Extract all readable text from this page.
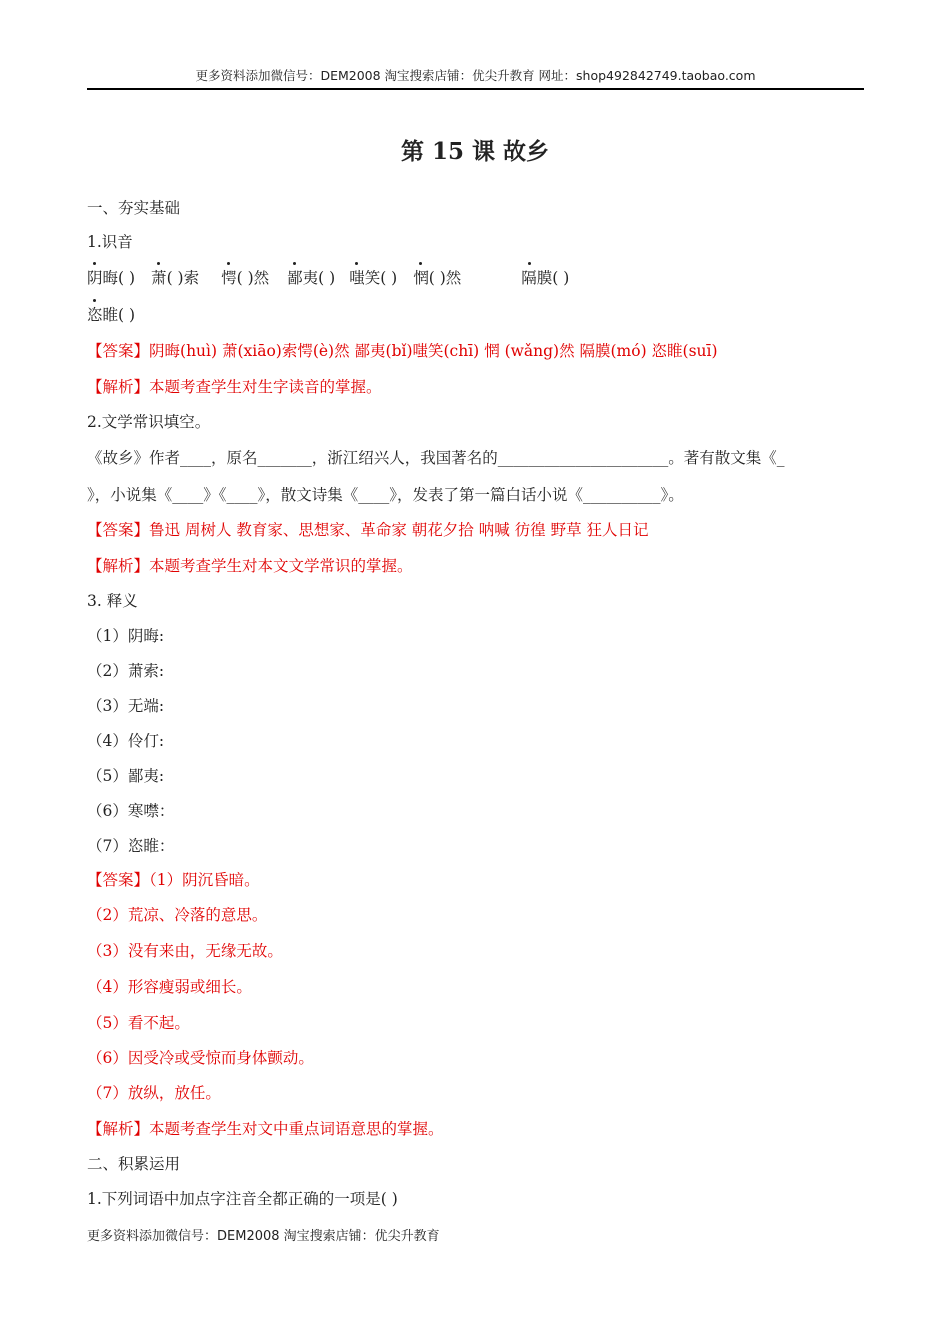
更多资料添加微信号：DEM2008 淘宝搜索店铺：优尖升教育 网址：shop492842749.taobao.com
第 15 课 故乡
一、夯实基础
1.识音
阴晦( ) 萧( )索 愕( )然 鄙夷( ) 嗤笑( ) 惘( )然	隔膜( )
恣睢( )
【答案】阴晦(huì) 萧(xiāo)索愕(è)然 鄙夷(bǐ)嗤笑(chī) 惘 (wǎng)然 隔膜(mó) 恣睢(suī)
【解析】本题考查学生对生字读音的掌握。
2.文学常识填空。
《故乡》作者____，原名_______，浙江绍兴人，我国著名的______________________。著有散文集《_
》，小说集《____》《____》，散文诗集《____》，发表了第一篇白话小说《__________》。
【答案】鲁迅 周树人 教育家、思想家、革命家 朝花夕拾 呐喊 彷徨 野草 狂人日记
【解析】本题考查学生对本文文学常识的掌握。
3. 释义
（1）阴晦:
（2）萧索:
（3）无端:
（4）伶仃:
（5）鄙夷:
（6）寒噤：
（7）恣睢：
【答案】（1）阴沉昏暗。
（2）荒凉、冷落的意思。
（3）没有来由，无缘无故。
（4）形容瘦弱或细长。
（5）看不起。
（6）因受冷或受惊而身体颤动。
（7）放纵，放任。
【解析】本题考查学生对文中重点词语意思的掌握。
二、积累运用
1.下列词语中加点字注音全都正确的一项是( )
更多资料添加微信号：DEM2008 淘宝搜索店铺：优尖升教育
